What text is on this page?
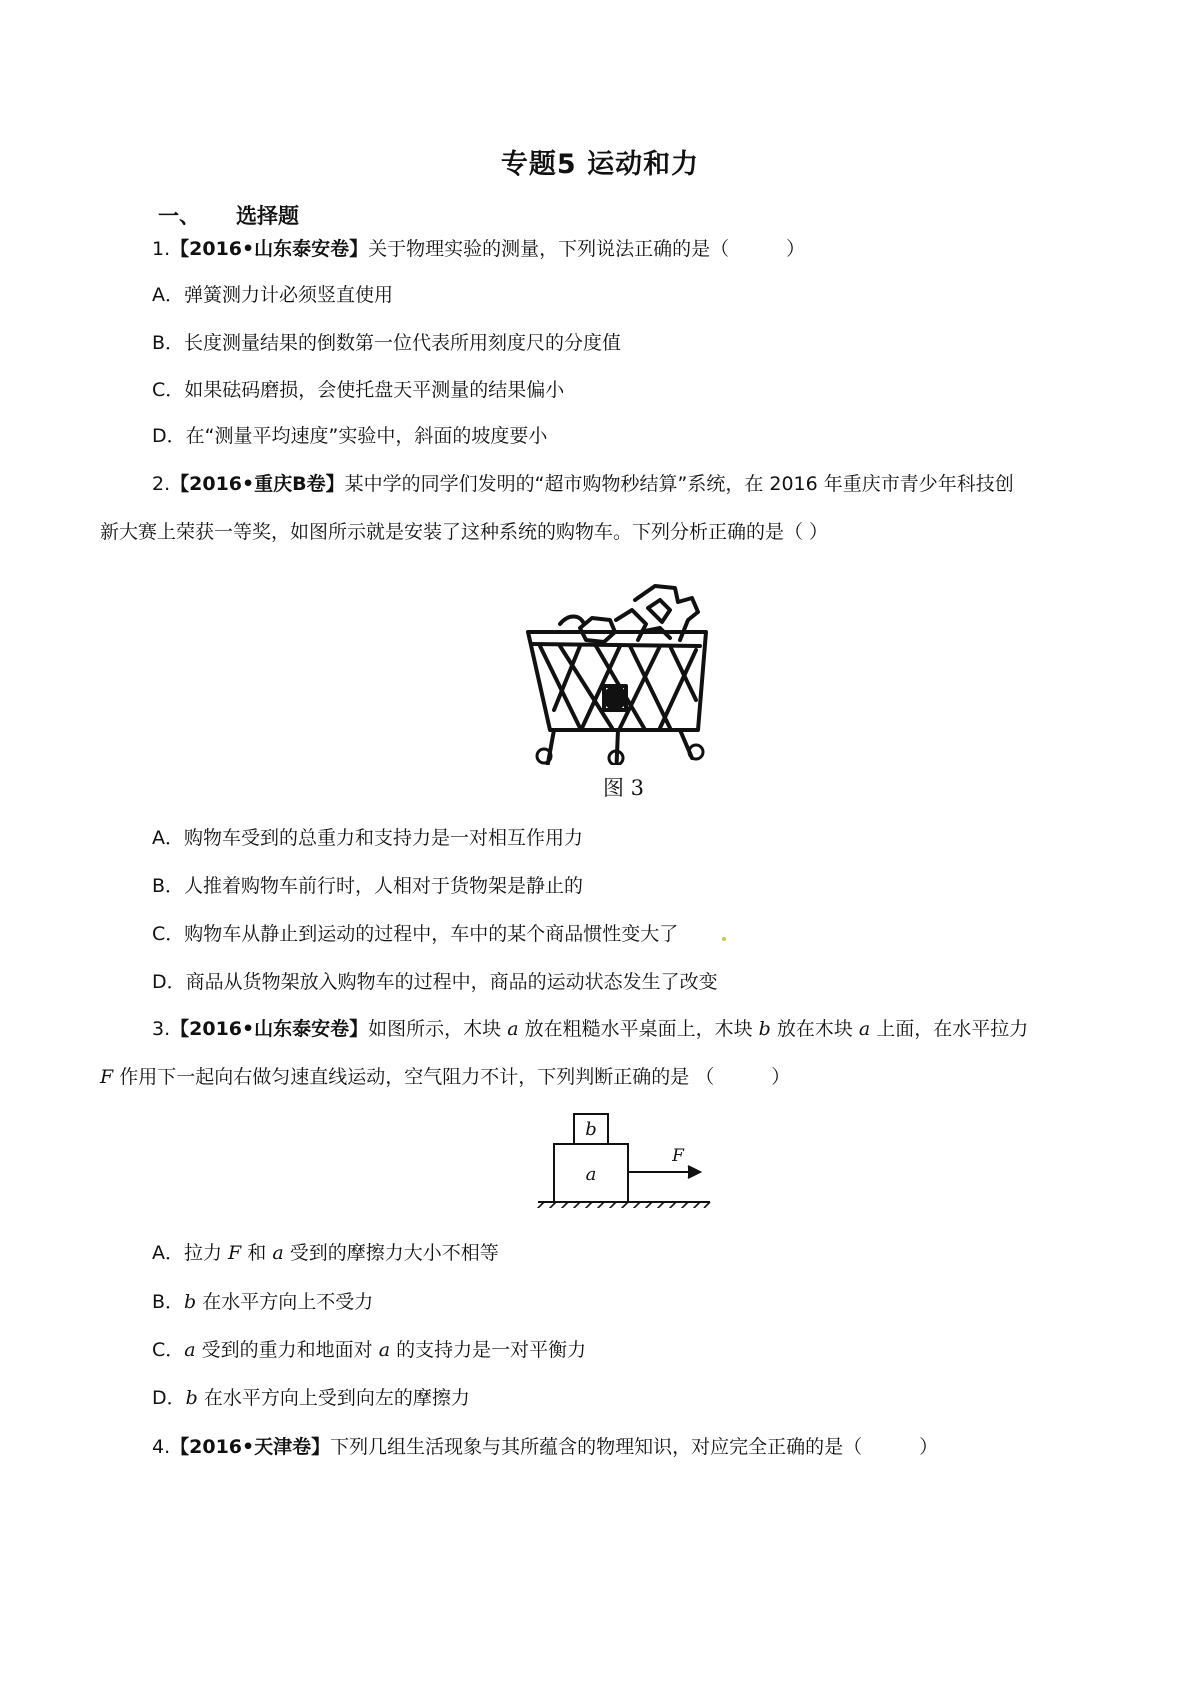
专题5 运动和力
一、 选择题
1.【2016•山东泰安卷】关于物理实验的测量，下列说法正确的是（　　　）
A．弹簧测力计必须竖直使用
B．长度测量结果的倒数第一位代表所用刻度尺的分度值
C．如果砝码磨损，会使托盘天平测量的结果偏小
D．在“测量平均速度”实验中，斜面的坡度要小
2.【2016•重庆B卷】某中学的同学们发明的“超市购物秒结算”系统，在 2016 年重庆市青少年科技创
新大赛上荣获一等奖，如图所示就是安装了这种系统的购物车。下列分析正确的是（ ）
图 3
A．购物车受到的总重力和支持力是一对相互作用力
B．人推着购物车前行时，人相对于货物架是静止的
C．购物车从静止到运动的过程中，车中的某个商品惯性变大了
D．商品从货物架放入购物车的过程中，商品的运动状态发生了改变
3.【2016•山东泰安卷】如图所示，木块 a 放在粗糙水平桌面上，木块 b 放在木块 a 上面，在水平拉力
F 作用下一起向右做匀速直线运动，空气阻力不计，下列判断正确的是 （　　　）
b
a
F
A．拉力 F 和 a 受到的摩擦力大小不相等
B．b 在水平方向上不受力
C．a 受到的重力和地面对 a 的支持力是一对平衡力
D．b 在水平方向上受到向左的摩擦力
4.【2016•天津卷】下列几组生活现象与其所蕴含的物理知识，对应完全正确的是（　　　）
